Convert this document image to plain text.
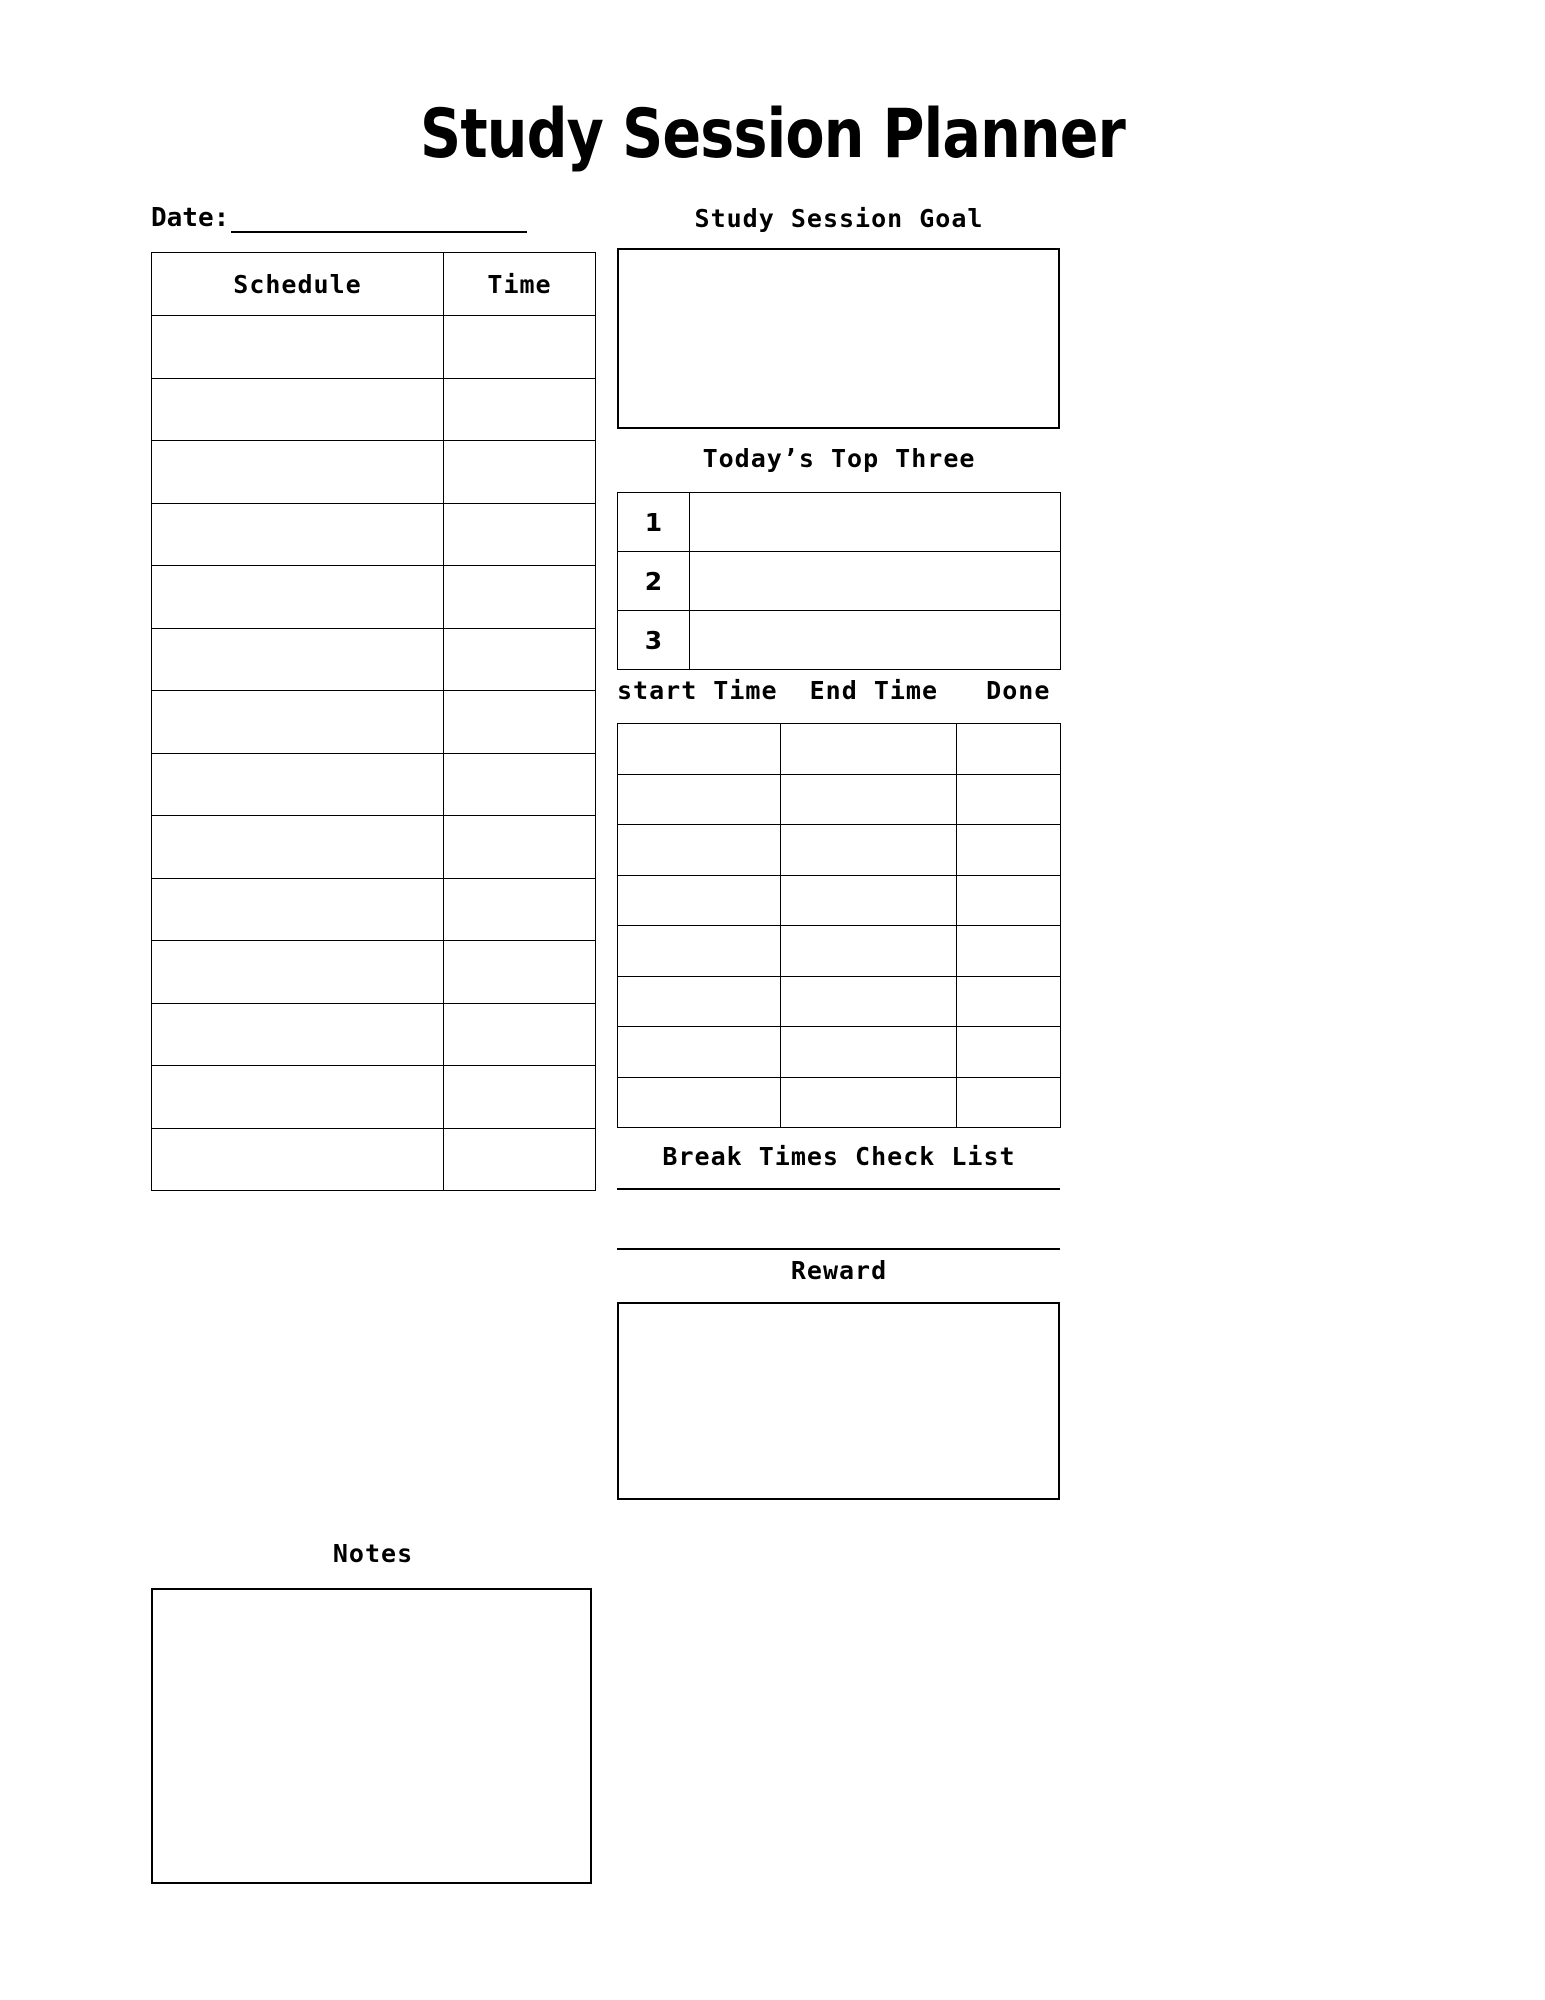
Study Session Planner
Date:
Schedule	Time

Notes
Study Session Goal
Today’s Top Three
1	
2	
3	
start Time  End Time   Done

Break Times Check List
Reward
